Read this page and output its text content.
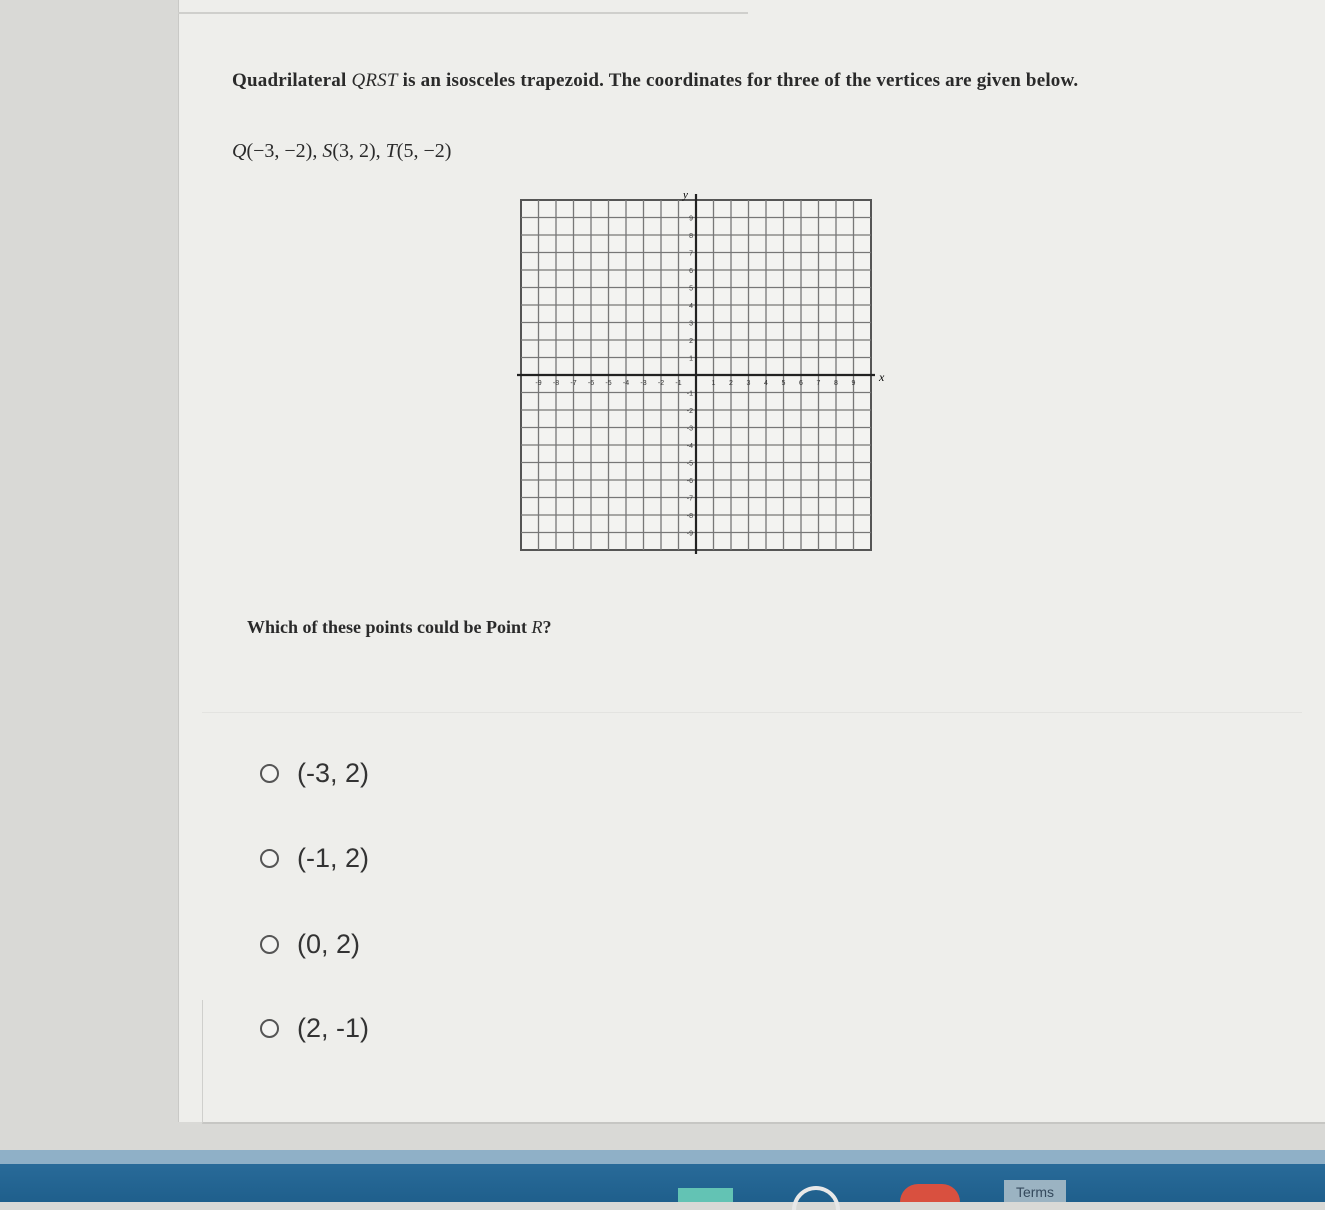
Quadrilateral QRST is an isosceles trapezoid. The coordinates for three of the vertices are given below.
Q(−3, −2), S(3, 2), T(5, −2)
-9 -8 -7 -6 -5 -4 -3 -2 -1	1 2 3 4 5 6 7 8 9
9
8
7
6
5
4
3
2
1
-1
-2
-3
-4
-5
-6
-7
-8
-9
x
y
Which of these points could be Point R?
(-3, 2)
(-1, 2)
(0, 2)
(2, -1)
Terms
